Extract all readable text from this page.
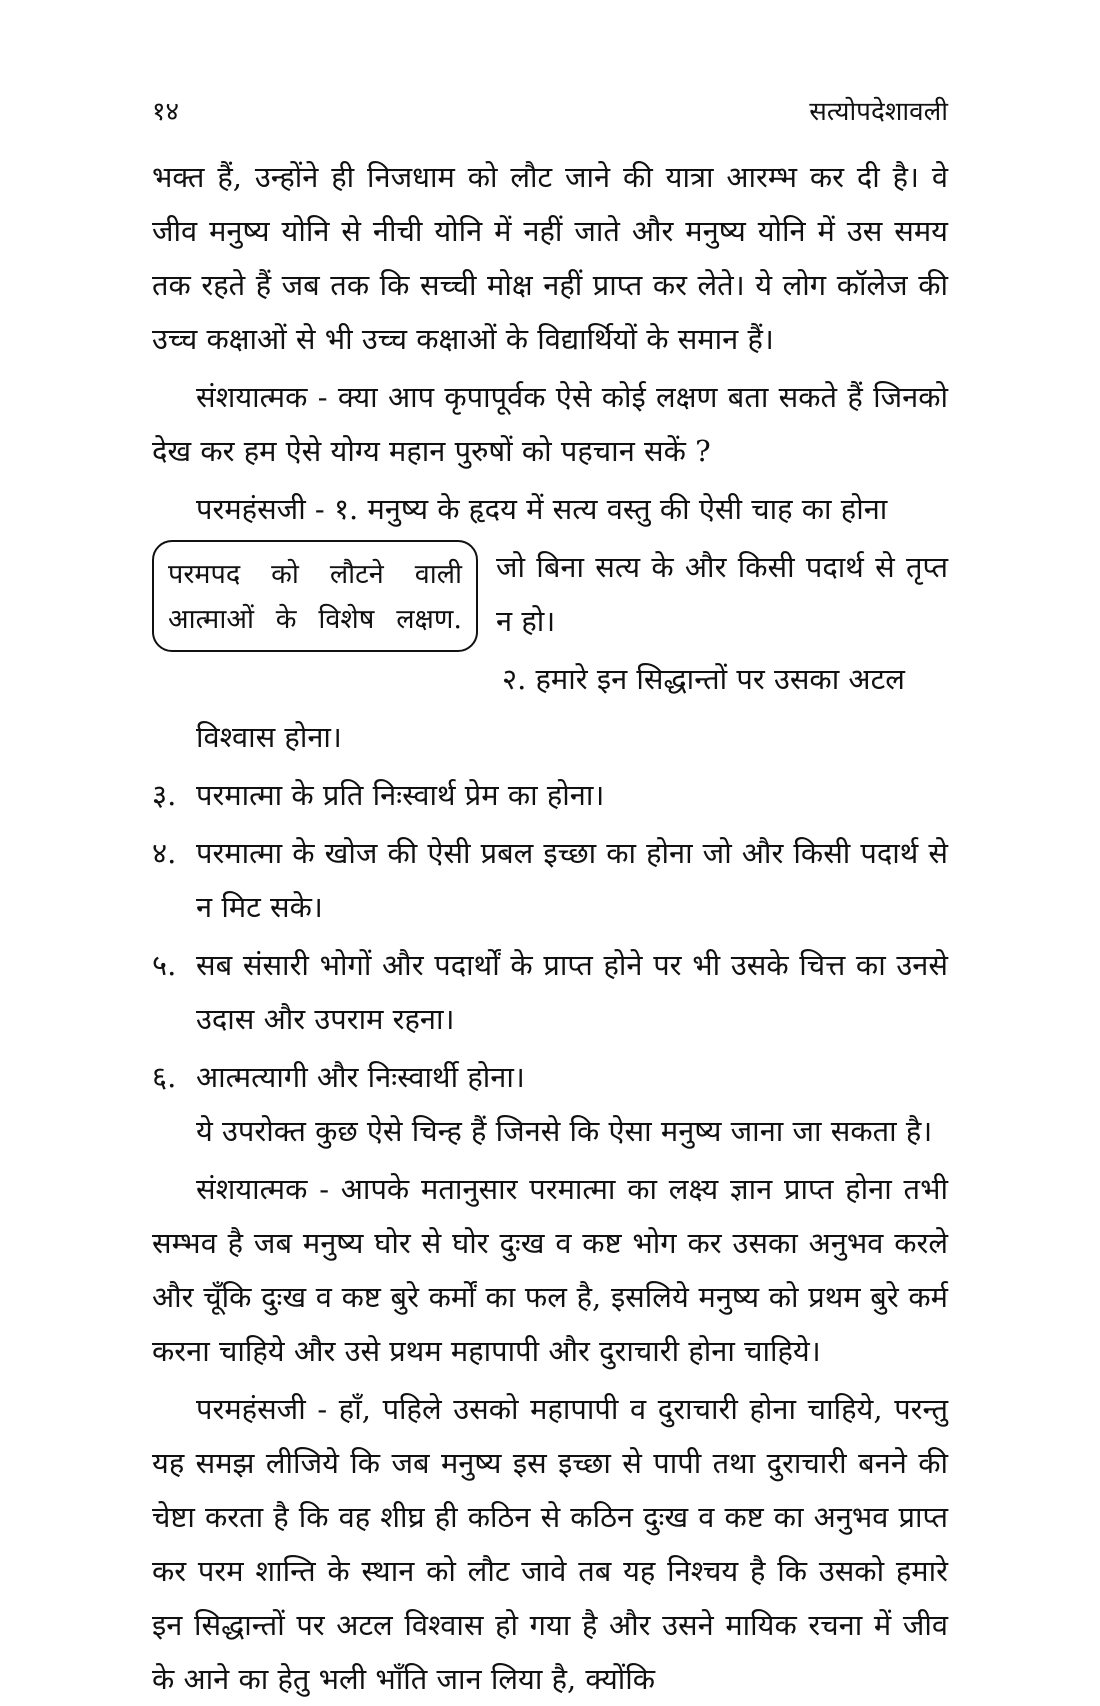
१४	सत्योपदेशावली

भक्त हैं, उन्होंने ही निजधाम को लौट जाने की यात्रा आरम्भ कर दी है। वे जीव मनुष्य योनि से नीची योनि में नहीं जाते और मनुष्य योनि में उस समय तक रहते हैं जब तक कि सच्ची मोक्ष नहीं प्राप्त कर लेते। ये लोग कॉलेज की उच्च कक्षाओं से भी उच्च कक्षाओं के विद्यार्थियों के समान हैं।

संशयात्मक - क्या आप कृपापूर्वक ऐसे कोई लक्षण बता सकते हैं जिनको देख कर हम ऐसे योग्य महान पुरुषों को पहचान सकें ?

परमहंसजी - १. मनुष्य के हृदय में सत्य वस्तु की ऐसी चाह का होना

परमपद को लौटने वाली
आत्माओं के विशेष लक्षण.

जो बिना सत्य के और किसी पदार्थ से तृप्त न हो।

२. हमारे इन सिद्धान्तों पर उसका अटल

विश्वास होना।

३. परमात्मा के प्रति निःस्वार्थ प्रेम का होना।
४. परमात्मा के खोज की ऐसी प्रबल इच्छा का होना जो और किसी पदार्थ से न मिट सके।
५. सब संसारी भोगों और पदार्थों के प्राप्त होने पर भी उसके चित्त का उनसे उदास और उपराम रहना।
६. आत्मत्यागी और निःस्वार्थी होना।

ये उपरोक्त कुछ ऐसे चिन्ह हैं जिनसे कि ऐसा मनुष्य जाना जा सकता है।

संशयात्मक - आपके मतानुसार परमात्मा का लक्ष्य ज्ञान प्राप्त होना तभी सम्भव है जब मनुष्य घोर से घोर दुःख व कष्ट भोग कर उसका अनुभव करले और चूँकि दुःख व कष्ट बुरे कर्मों का फल है, इसलिये मनुष्य को प्रथम बुरे कर्म करना चाहिये और उसे प्रथम महापापी और दुराचारी होना चाहिये।

परमहंसजी - हाँ, पहिले उसको महापापी व दुराचारी होना चाहिये, परन्तु यह समझ लीजिये कि जब मनुष्य इस इच्छा से पापी तथा दुराचारी बनने की चेष्टा करता है कि वह शीघ्र ही कठिन से कठिन दुःख व कष्ट का अनुभव प्राप्त कर परम शान्ति के स्थान को लौट जावे तब यह निश्चय है कि उसको हमारे इन सिद्धान्तों पर अटल विश्वास हो गया है और उसने मायिक रचना में जीव के आने का हेतु भली भाँति जान लिया है, क्योंकि
